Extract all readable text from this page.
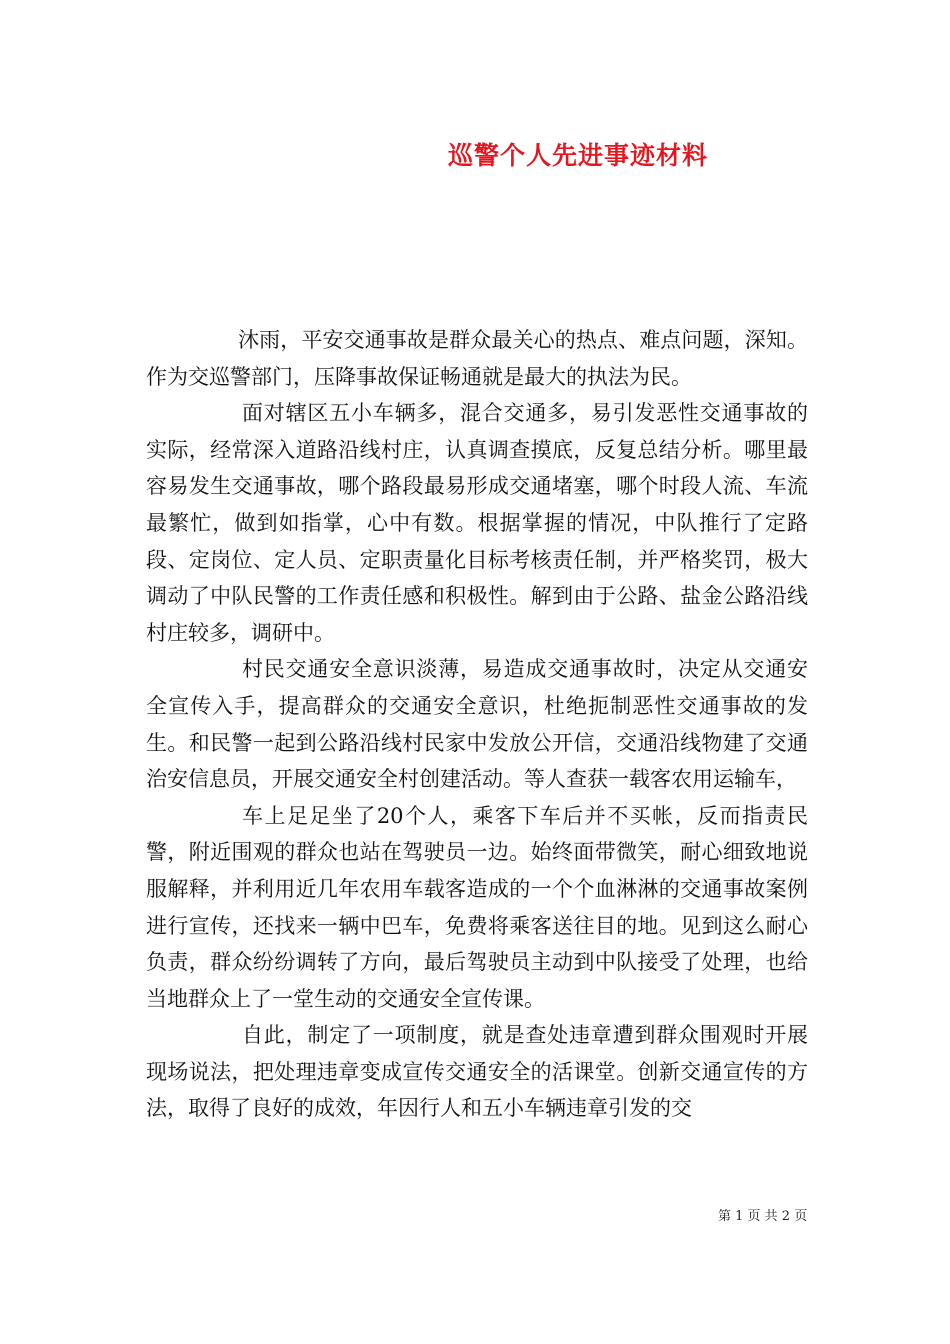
巡警个人先进事迹材料

沐雨，平安交通事故是群众最关心的热点、难点问题，深知。作为交巡警部门，压降事故保证畅通就是最大的执法为民。

面对辖区五小车辆多，混合交通多，易引发恶性交通事故的实际，经常深入道路沿线村庄，认真调查摸底，反复总结分析。哪里最容易发生交通事故，哪个路段最易形成交通堵塞，哪个时段人流、车流最繁忙，做到如指掌，心中有数。根据掌握的情况，中队推行了定路段、定岗位、定人员、定职责量化目标考核责任制，并严格奖罚，极大调动了中队民警的工作责任感和积极性。解到由于公路、盐金公路沿线村庄较多，调研中。

村民交通安全意识淡薄，易造成交通事故时，决定从交通安全宣传入手，提高群众的交通安全意识，杜绝扼制恶性交通事故的发生。和民警一起到公路沿线村民家中发放公开信，交通沿线物建了交通治安信息员，开展交通安全村创建活动。等人查获一载客农用运输车，

车上足足坐了20个人，乘客下车后并不买帐，反而指责民警，附近围观的群众也站在驾驶员一边。始终面带微笑，耐心细致地说服解释，并利用近几年农用车载客造成的一个个血淋淋的交通事故案例进行宣传，还找来一辆中巴车，免费将乘客送往目的地。见到这么耐心负责，群众纷纷调转了方向，最后驾驶员主动到中队接受了处理，也给当地群众上了一堂生动的交通安全宣传课。

自此，制定了一项制度，就是查处违章遭到群众围观时开展现场说法，把处理违章变成宣传交通安全的活课堂。创新交通宣传的方法，取得了良好的成效，年因行人和五小车辆违章引发的交

第 1 页 共 2 页
